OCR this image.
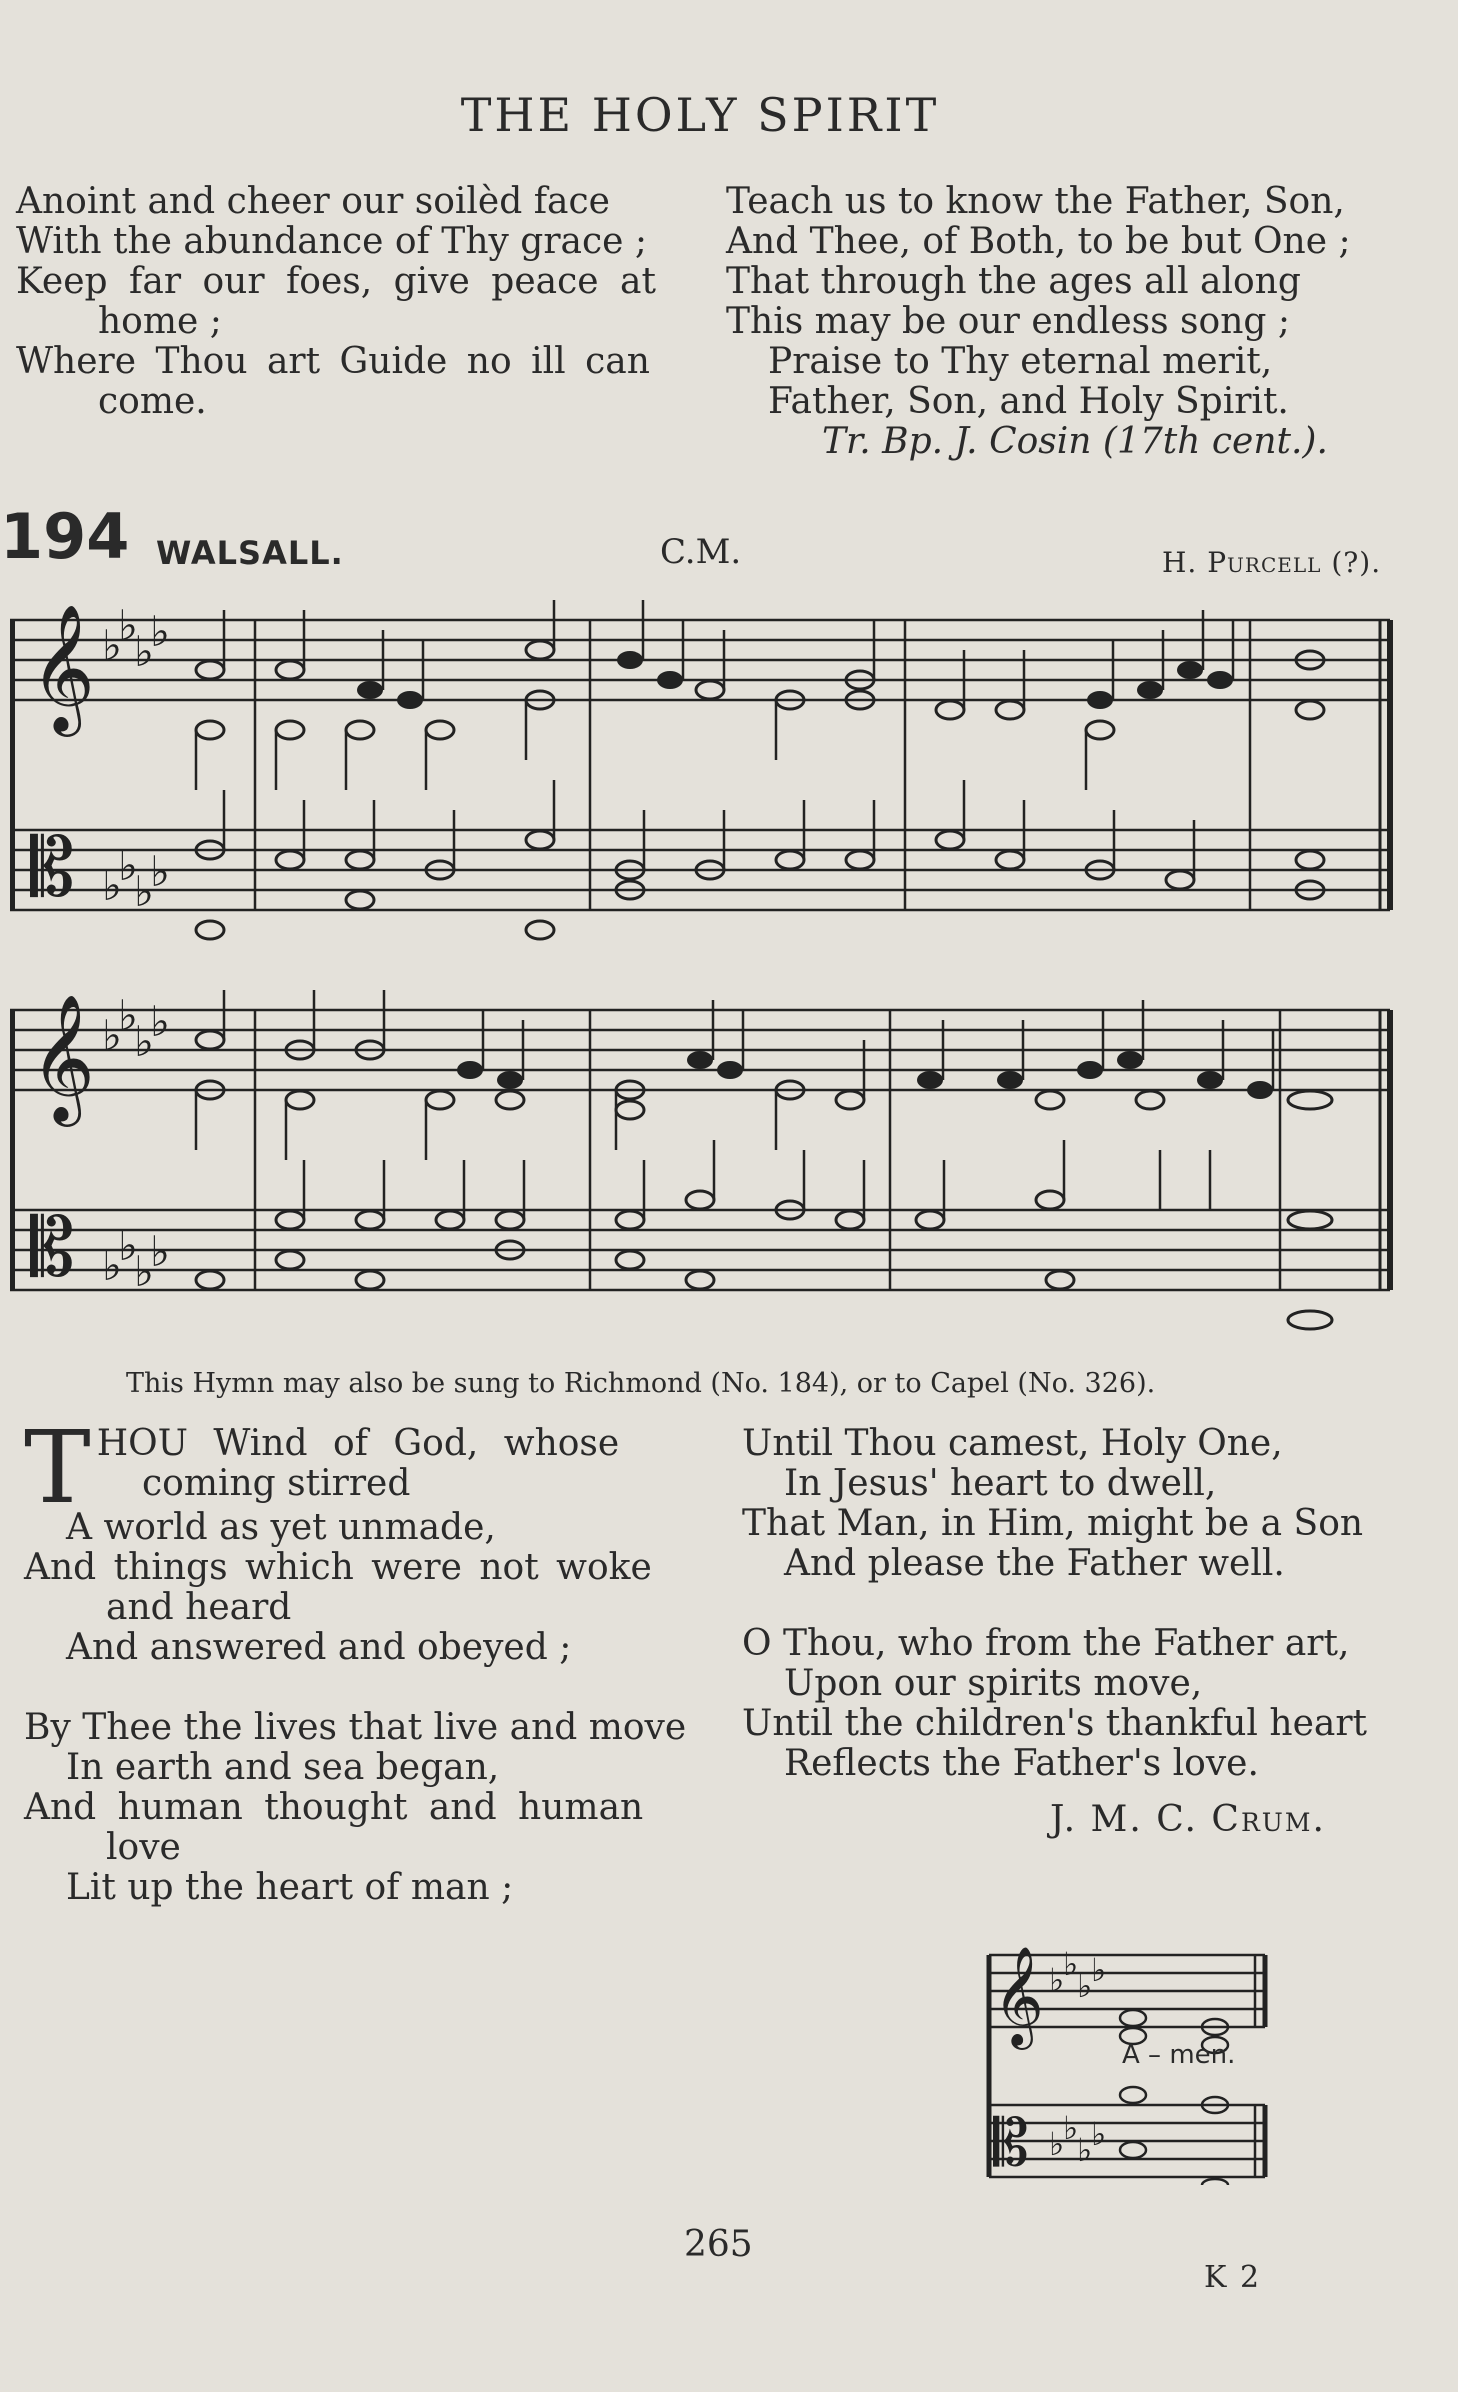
THE HOLY SPIRIT
Anoint and cheer our soilèd face
With the abundance of Thy grace ;
Keep far our foes, give peace at
home ;
Where Thou art Guide no ill can
come.
Teach us to know the Father, Son,
And Thee, of Both, to be but One ;
That through the ages all along
This may be our endless song ;
Praise to Thy eternal merit,
Father, Son, and Holy Spirit.
Tr. Bp. J. Cosin (17th cent.).
194 WALSALL.	C.M.	H. Purcell (?).
𝄞
𝄡
♭
♭
♭
♭
♭
♭
♭
♭
𝄞
𝄡
♭
♭
♭
♭
♭
♭
♭
♭
This Hymn may also be sung to Richmond (No. 184), or to Capel (No. 326).
THOU Wind of God, whose
coming stirred
A world as yet unmade,
And things which were not woke
and heard
And answered and obeyed ;
By Thee the lives that live and move
In earth and sea began,
And human thought and human
love
Lit up the heart of man ;
Until Thou camest, Holy One,
In Jesus' heart to dwell,
That Man, in Him, might be a Son
And please the Father well.
O Thou, who from the Father art,
Upon our spirits move,
Until the children's thankful heart
Reflects the Father's love.
J. M. C. Crum.
𝄞
𝄡
♭
♭
♭
♭
♭
♭
♭
♭
A – men.
265
K 2
